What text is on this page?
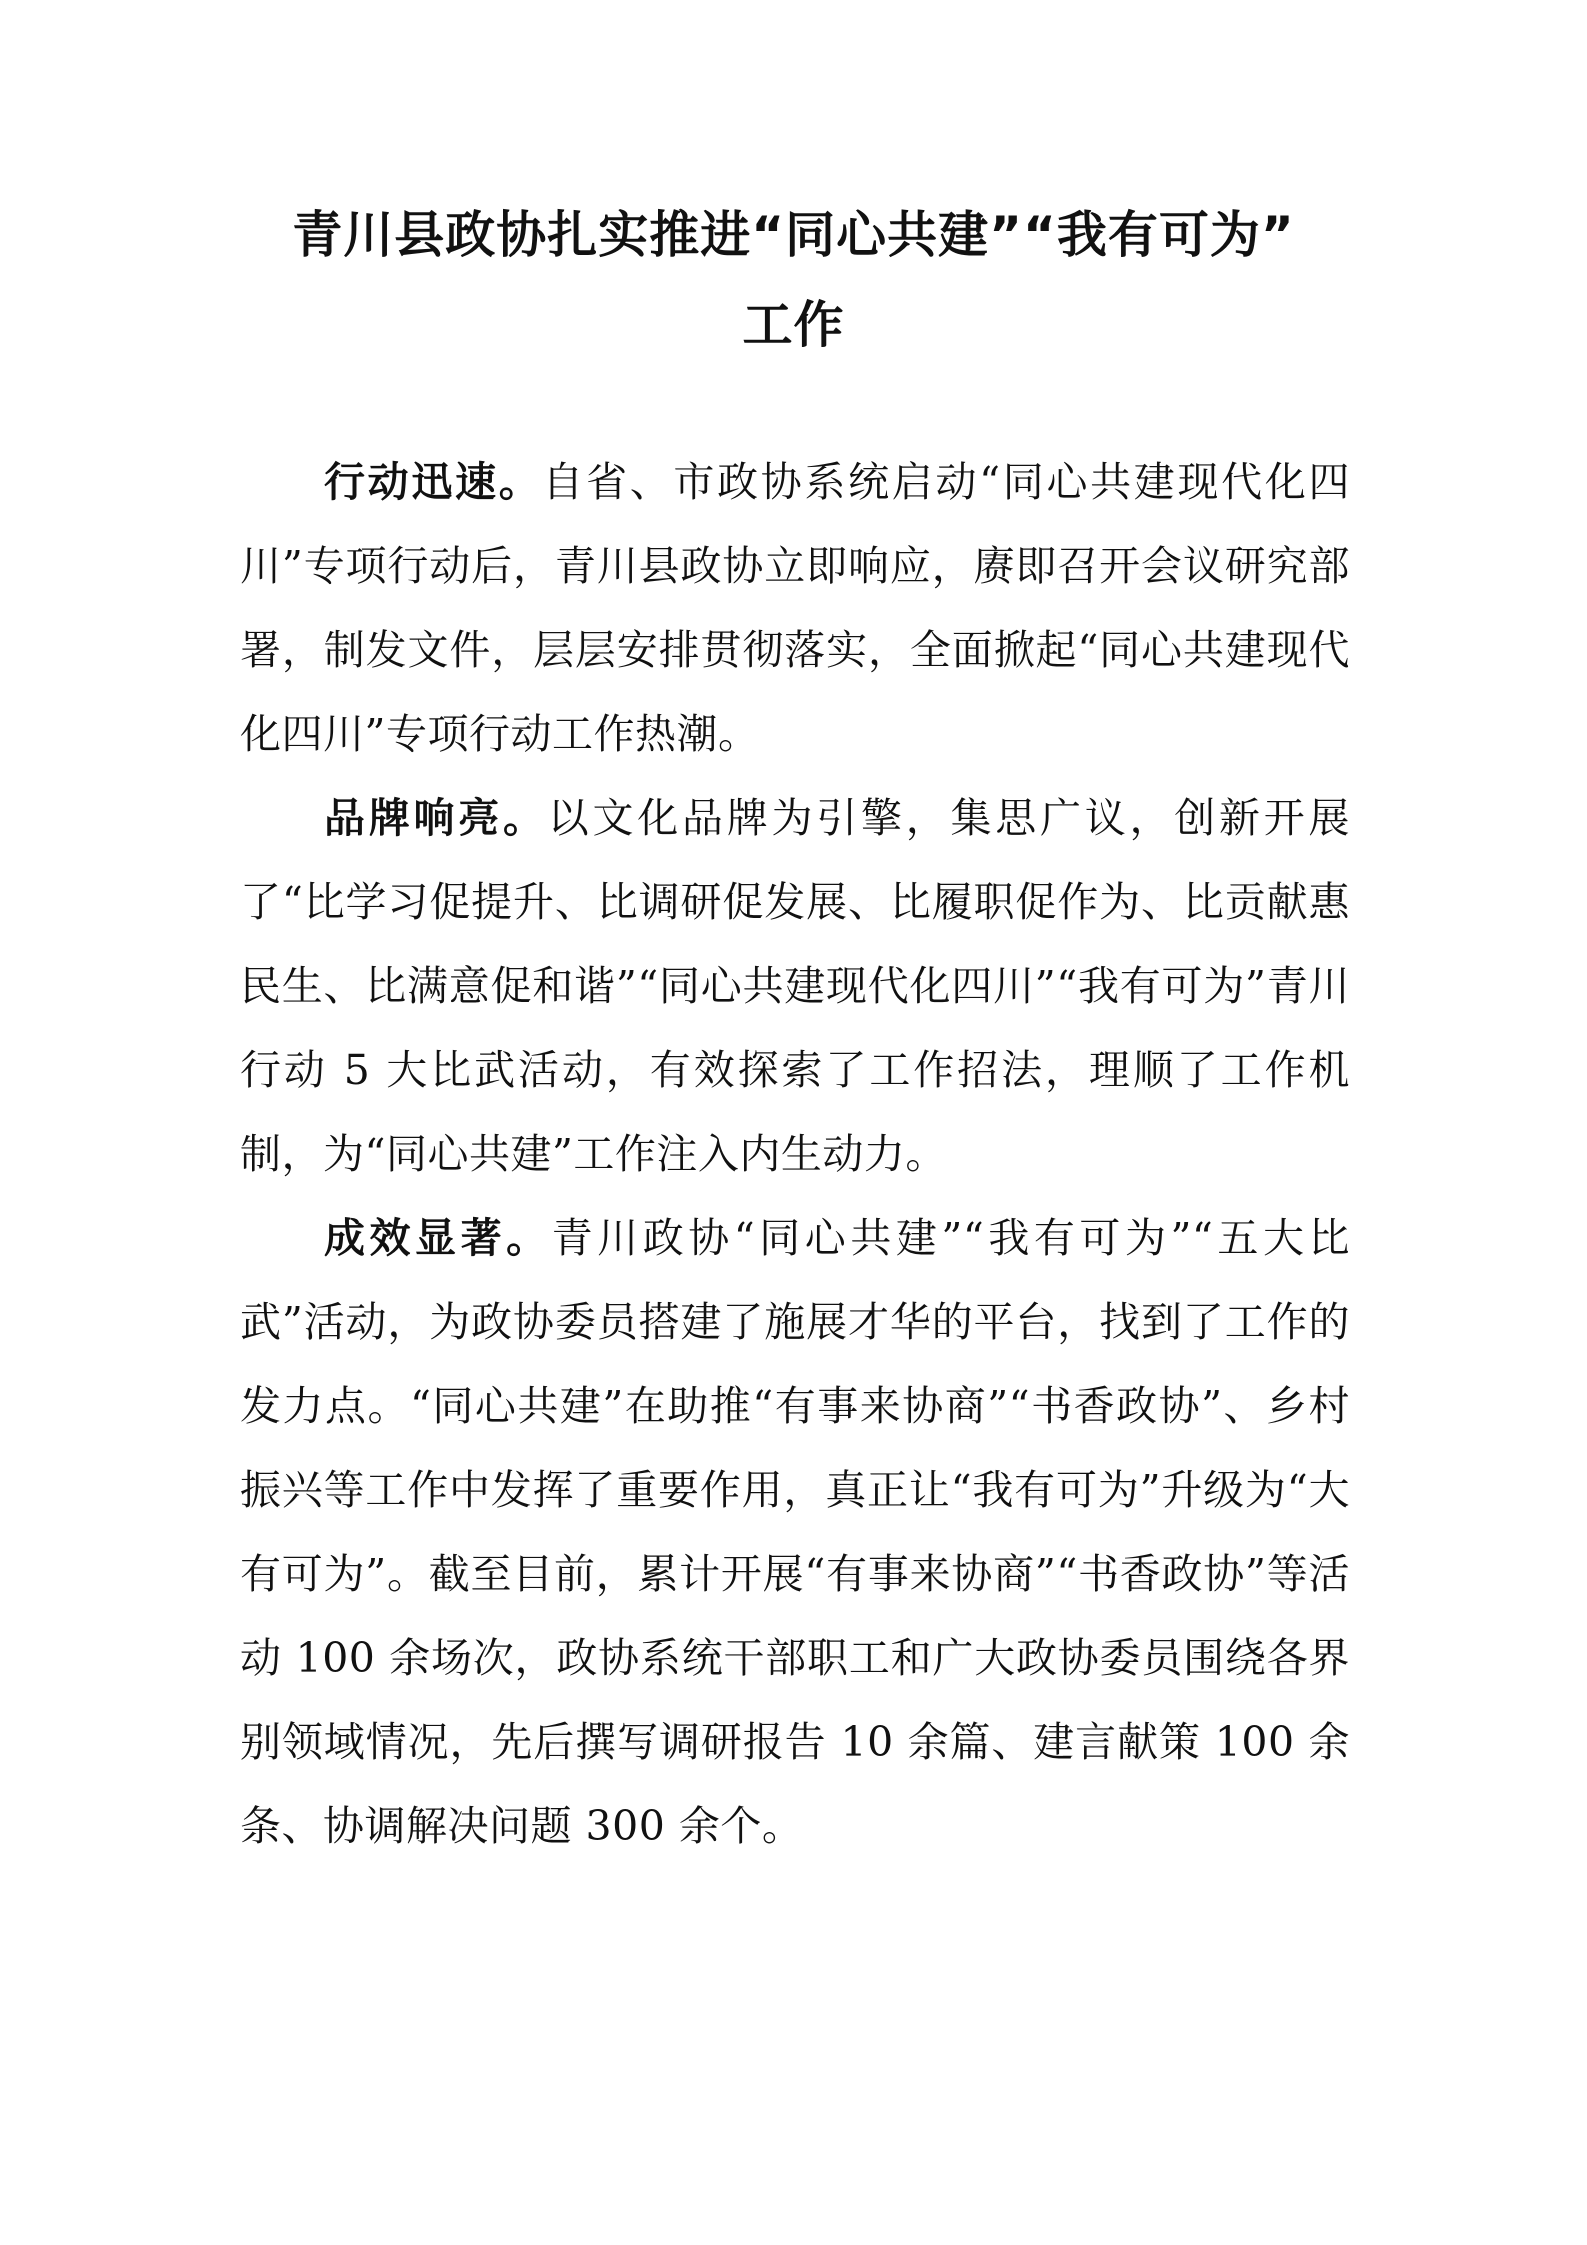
青川县政协扎实推进“同心共建”“我有可为”
工作

行动迅速。自省、市政协系统启动“同心共建现代化四川”专项行动后，青川县政协立即响应，赓即召开会议研究部署，制发文件，层层安排贯彻落实，全面掀起“同心共建现代化四川”专项行动工作热潮。

品牌响亮。以文化品牌为引擎，集思广议，创新开展了“比学习促提升、比调研促发展、比履职促作为、比贡献惠民生、比满意促和谐”“同心共建现代化四川”“我有可为”青川行动 5 大比武活动，有效探索了工作招法，理顺了工作机制，为“同心共建”工作注入内生动力。

成效显著。青川政协“同心共建”“我有可为”“五大比武”活动，为政协委员搭建了施展才华的平台，找到了工作的发力点。“同心共建”在助推“有事来协商”“书香政协”、乡村振兴等工作中发挥了重要作用，真正让“我有可为”升级为“大有可为”。截至目前，累计开展“有事来协商”“书香政协”等活动 100 余场次，政协系统干部职工和广大政协委员围绕各界别领域情况，先后撰写调研报告 10 余篇、建言献策 100 余条、协调解决问题 300 余个。
